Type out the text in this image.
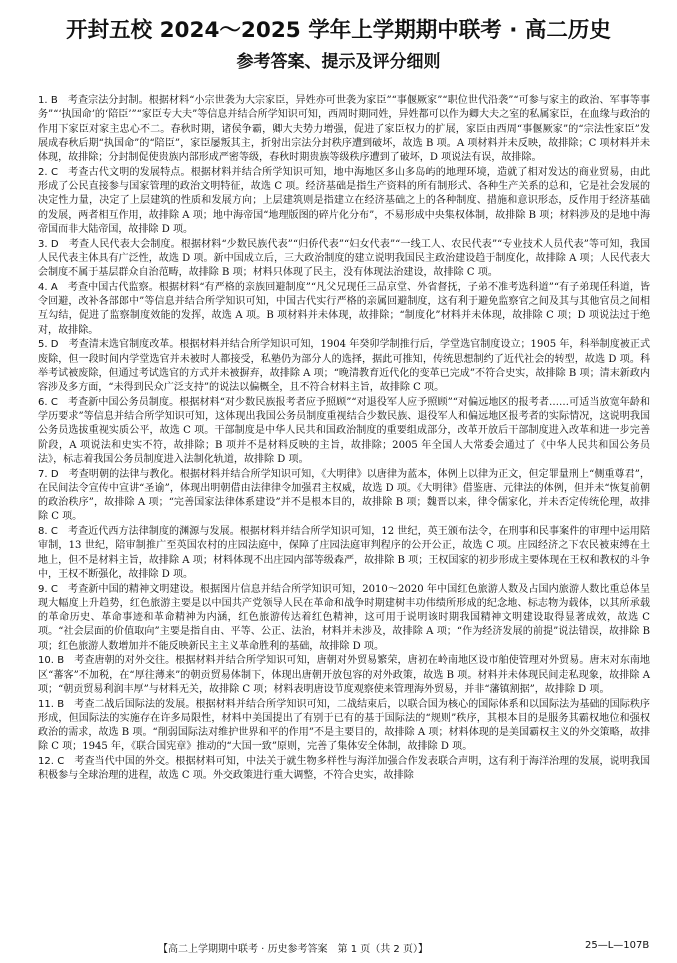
开封五校 2024～2025 学年上学期期中联考 · 高二历史
参考答案、提示及评分细则
1. B  考查宗法分封制。根据材料“小宗世袭为大宗家臣，异姓亦可世袭为家臣”“事偃厥家”“职位世代沿袭”“可参与家主的政治、军事等事务”“‘执国命’的‘陪臣’”“家臣专大夫”等信息并结合所学知识可知，西周时期同姓，异姓都可以作为卿大夫之室的私属家臣，在血缘与政治的作用下家臣对家主忠心不二。春秋时期，诸侯争霸，卿大夫势力增强，促进了家臣权力的扩展，家臣由西周“事偃厥家”的“宗法性家臣”发展成春秋后期“执国命”的“陪臣”，家臣屡叛其主，折射出宗法分封秩序遭到破坏，故选 B 项。A 项材料并未反映，故排除；C 项材料并未体现，故排除；分封制促使贵族内部形成严密等级，春秋时期贵族等级秩序遭到了破坏，D 项说法有误，故排除。
2. C  考查古代文明的发展特点。根据材料并结合所学知识可知，地中海地区多山多岛屿的地理环境，造就了相对发达的商业贸易，由此形成了公民直接参与国家管理的政治文明特征，故选 C 项。经济基础是指生产资料的所有制形式、各种生产关系的总和，它是社会发展的决定性力量，决定了上层建筑的性质和发展方向；上层建筑则是指建立在经济基础之上的各种制度、措施和意识形态，反作用于经济基础的发展，两者相互作用，故排除 A 项；地中海帝国“地理版图的碎片化分布”，不易形成中央集权体制，故排除 B 项；材料涉及的是地中海帝国而非大陆帝国，故排除 D 项。
3. D  考查人民代表大会制度。根据材料“少数民族代表”“归侨代表”“妇女代表”“一线工人、农民代表”“专业技术人员代表”等可知，我国人民代表主体具有广泛性，故选 D 项。新中国成立后，三大政治制度的建立说明我国民主政治建设趋于制度化，故排除 A 项；人民代表大会制度不属于基层群众自治范畴，故排除 B 项；材料只体现了民主，没有体现法治建设，故排除 C 项。
4. A  考查中国古代监察。根据材料“有严格的亲族回避制度”“凡父兄现任三品京堂、外省督抚，子弟不准考选科道”“有子弟现任科道，皆令回避，改补各部郎中”等信息并结合所学知识可知，中国古代实行严格的亲属回避制度，这有利于避免监察官之间及其与其他官员之间相互勾结，促进了监察制度效能的发挥，故选 A 项。B 项材料并未体现，故排除；“制度化”材料并未体现，故排除 C 项；D 项说法过于绝对，故排除。
5. D  考查清末选官制度改革。根据材料并结合所学知识可知，1904 年癸卯学制推行后，学堂选官制度设立；1905 年，科举制度被正式废除，但一段时间内学堂选官并未被时人都接受，私塾仍为部分人的选择，据此可推知，传统思想制约了近代社会的转型，故选 D 项。科举考试被废除，但通过考试选官的方式并未被摒弃，故排除 A 项；“晚清教育近代化的变革已完成”不符合史实，故排除 B 项；清末新政内容涉及多方面，“未得到民众广泛支持”的说法以偏概全，且不符合材料主旨，故排除 C 项。
6. C  考查新中国公务员制度。根据材料“对少数民族报考者应予照顾”“对退役军人应予照顾”“对偏远地区的报考者……可适当放宽年龄和学历要求”等信息并结合所学知识可知，这体现出我国公务员制度重视结合少数民族、退役军人和偏远地区报考者的实际情况，这说明我国公务员选拔重视实质公平，故选 C 项。干部制度是中华人民共和国政治制度的重要组成部分，改革开放后干部制度进入改革和进一步完善阶段，A 项说法和史实不符，故排除；B 项并不是材料反映的主旨，故排除；2005 年全国人大常委会通过了《中华人民共和国公务员法》，标志着我国公务员制度进入法制化轨道，故排除 D 项。
7. D  考查明朝的法律与教化。根据材料并结合所学知识可知，《大明律》以唐律为蓝本，体例上以律为正文，但定罪量刑上“侧重尊君”，在民间法令宣传中宣讲“圣谕”，体现出明朝借由法律律令加强君主权威，故选 D 项。《大明律》借鉴唐、元律法的体例，但并未“恢复前朝的政治秩序”，故排除 A 项；“完善国家法律体系建设”并不是根本目的，故排除 B 项；魏晋以来，律令儒家化，并未否定传统伦理，故排除 C 项。
8. C  考查近代西方法律制度的渊源与发展。根据材料并结合所学知识可知，12 世纪，英王颁布法令，在刑事和民事案件的审理中运用陪审制，13 世纪，陪审制推广至英国农村的庄园法庭中，保障了庄园法庭审判程序的公开公正，故选 C 项。庄园经济之下农民被束缚在土地上，但不是材料主旨，故排除 A 项；材料体现不出庄园内部等级森严，故排除 B 项；王权国家的初步形成主要体现在王权和教权的斗争中，王权不断强化，故排除 D 项。
9. C  考查新中国的精神文明建设。根据图片信息并结合所学知识可知，2010～2020 年中国红色旅游人数及占国内旅游人数比重总体呈现大幅度上升趋势，红色旅游主要是以中国共产党领导人民在革命和战争时期建树丰功伟绩所形成的纪念地、标志物为载体，以其所承载的革命历史、革命事迹和革命精神为内涵，红色旅游传达着红色精神，这可用于说明该时期我国精神文明建设取得显著成效，故选 C 项。“社会层面的价值取向”主要是指自由、平等、公正、法治，材料并未涉及，故排除 A 项；“作为经济发展的前提”说法错误，故排除 B 项；红色旅游人数增加并不能反映新民主主义革命胜利的基础，故排除 D 项。
10. B  考查唐朝的对外交往。根据材料并结合所学知识可知，唐朝对外贸易繁荣，唐初在岭南地区设市舶使管理对外贸易。唐末对东南地区“蕃客”不加税，在“厚往薄来”的朝贡贸易体制下，体现出唐朝开放包容的对外政策，故选 B 项。材料并未体现民间走私现象，故排除 A 项；“朝贡贸易利润丰厚”与材料无关，故排除 C 项；材料表明唐设节度观察使来管理海外贸易，并非“藩镇割据”，故排除 D 项。
11. B  考查二战后国际法的发展。根据材料并结合所学知识可知，二战结束后，以联合国为核心的国际体系和以国际法为基础的国际秩序形成，但国际法的实施存在许多局限性，材料中美国提出了有别于已有的基于国际法的“规则”秩序，其根本目的是服务其霸权地位和强权政治的需求，故选 B 项。“削弱国际法对维护世界和平的作用”不是主要目的，故排除 A 项；材料体现的是美国霸权主义的外交策略，故排除 C 项；1945 年，《联合国宪章》推动的“大国一致”原则，完善了集体安全体制，故排除 D 项。
12. C  考查当代中国的外交。根据材料可知，中法关于就生物多样性与海洋加强合作发表联合声明，这有利于海洋治理的发展，说明我国积极参与全球治理的进程，故选 C 项。外交政策进行重大调整，不符合史实，故排除
【高二上学期期中联考 · 历史参考答案　第 1 页（共 2 页）】	25—L—107B
